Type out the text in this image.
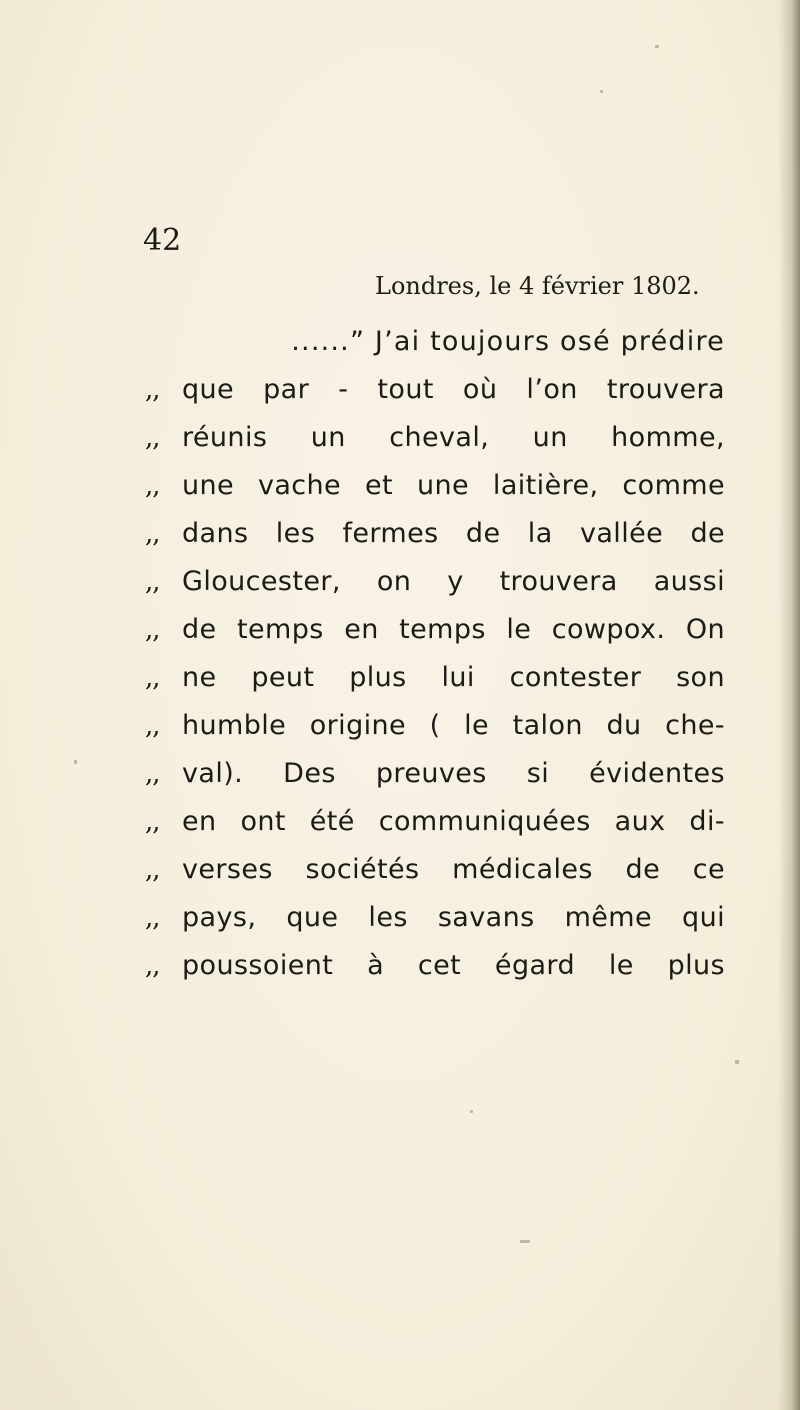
42
Londres, le 4 février 1802.
......” J’ai toujours osé prédire
,, que par - tout où l’on trouvera
,, réunis un cheval, un homme,
,, une vache et une laitière, comme
,, dans les fermes de la vallée de
,, Gloucester, on y trouvera aussi
,, de temps en temps le cowpox. On
,, ne peut plus lui contester son
,, humble origine ( le talon du che-
,, val). Des preuves si évidentes
,, en ont été communiquées aux di-
,, verses sociétés médicales de ce
,, pays, que les savans même qui
,, poussoient à cet égard le plus
